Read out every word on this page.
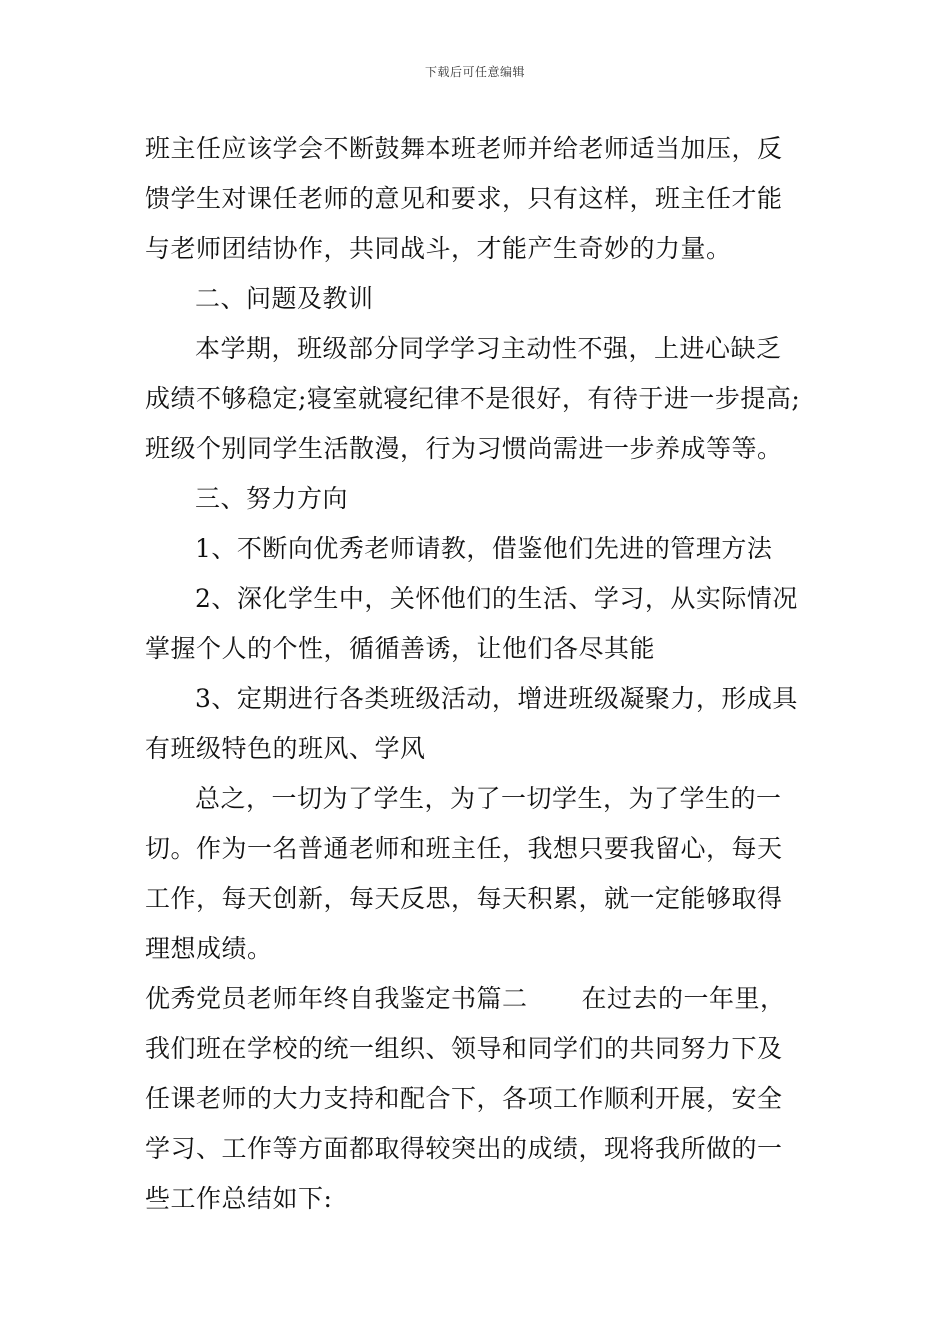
下载后可任意编辑
班主任应该学会不断鼓舞本班老师并给老师适当加压，反
馈学生对课任老师的意见和要求，只有这样，班主任才能
与老师团结协作，共同战斗，才能产生奇妙的力量。
二、问题及教训
本学期，班级部分同学学习主动性不强，上进心缺乏
成绩不够稳定;寝室就寝纪律不是很好，有待于进一步提高;
班级个别同学生活散漫，行为习惯尚需进一步养成等等。
三、努力方向
1、不断向优秀老师请教，借鉴他们先进的管理方法
2、深化学生中，关怀他们的生活、学习，从实际情况
掌握个人的个性，循循善诱，让他们各尽其能
3、定期进行各类班级活动，增进班级凝聚力，形成具
有班级特色的班风、学风
总之，一切为了学生，为了一切学生，为了学生的一
切。作为一名普通老师和班主任，我想只要我留心，每天
工作，每天创新，每天反思，每天积累，就一定能够取得
理想成绩。
优秀党员老师年终自我鉴定书篇二 在过去的一年里，
我们班在学校的统一组织、领导和同学们的共同努力下及
任课老师的大力支持和配合下，各项工作顺利开展，安全
学习、工作等方面都取得较突出的成绩，现将我所做的一
些工作总结如下:
